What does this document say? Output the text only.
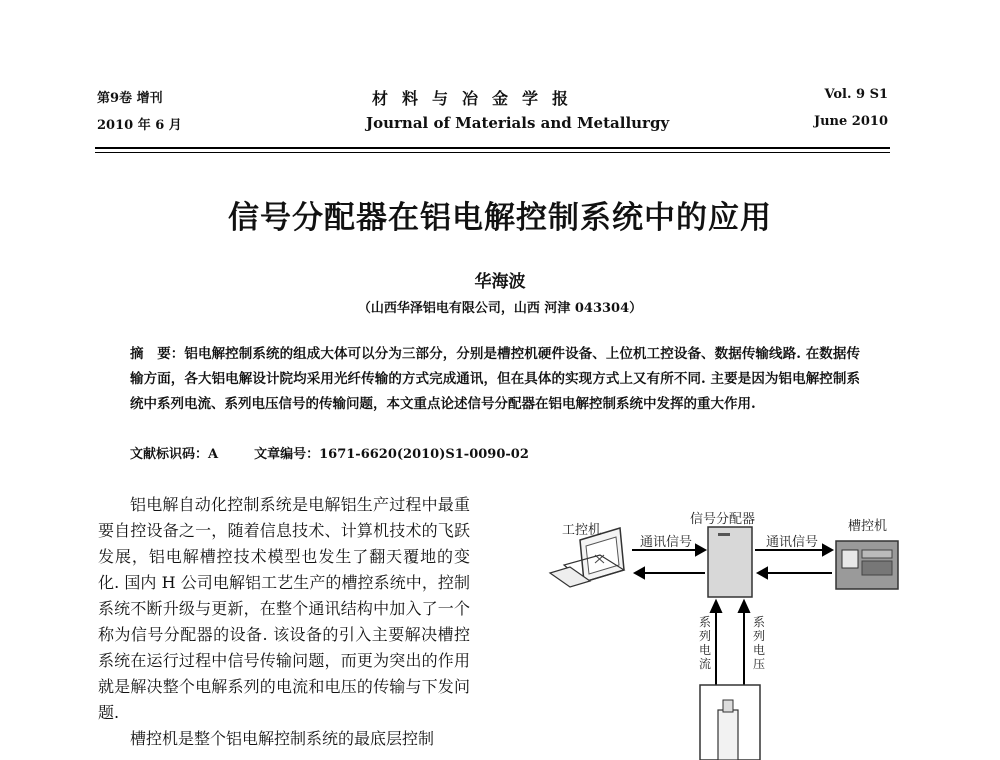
第9卷 增刊
2010 年 6 月
材料与冶金学报
Journal of Materials and Metallurgy
Vol. 9 S1
June 2010
信号分配器在铝电解控制系统中的应用
华海波
（山西华泽铝电有限公司，山西 河津 043304）
摘　要：铝电解控制系统的组成大体可以分为三部分，分别是槽控机硬件设备、上位机工控设备、数据传输线路. 在数据传输方面，各大铝电解设计院均采用光纤传输的方式完成通讯，但在具体的实现方式上又有所不同. 主要是因为铝电解控制系统中系列电流、系列电压信号的传输问题，本文重点论述信号分配器在铝电解控制系统中发挥的重大作用.
文献标识码：A	文章编号：1671-6620(2010)S1-0090-02

铝电解自动化控制系统是电解铝生产过程中最重要自控设备之一，随着信息技术、计算机技术的飞跃发展，铝电解槽控技术模型也发生了翻天覆地的变化. 国内 H 公司电解铝工艺生产的槽控系统中，控制系统不断升级与更新，在整个通讯结构中加入了一个称为信号分配器的设备. 该设备的引入主要解决槽控系统在运行过程中信号传输问题，而更为突出的作用就是解决整个电解系列的电流和电压的传输与下发问题.

槽控机是整个铝电解控制系统的最底层控制

工控机
信号分配器	槽控机
通讯信号	通讯信号
系列电流
系列电压
